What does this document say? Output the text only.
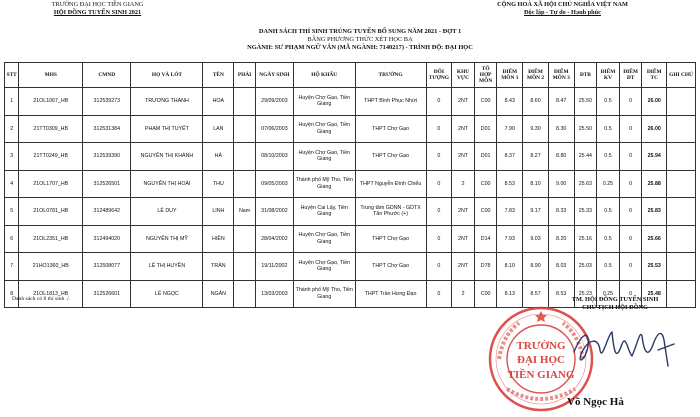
TRƯỜNG ĐẠI HỌC TIỀN GIANG
HỘI ĐỒNG TUYỂN SINH 2021
CỘNG HOÀ XÃ HỘI CHỦ NGHĨA VIỆT NAM
Độc lập - Tự do - Hạnh phúc
DANH SÁCH THÍ SINH TRÚNG TUYỂN BỔ SUNG NĂM 2021 - ĐỢT 1
BẰNG PHƯƠNG THỨC XÉT HỌC BẠ
NGÀNH: SƯ PHẠM NGỮ VĂN (MÃ NGÀNH: 7140217) - TRÌNH ĐỘ: ĐẠI HỌC
STT	MHS	CMND	HỌ VÀ LÓT	TÊN	PHÁI	NGÀY SINH	HỘ KHẨU	TRƯỜNG	ĐỐI TƯỢNG	KHU VỰC	TỔ HỢP MÔN	ĐIỂM MÔN 1	ĐIỂM MÔN 2	ĐIỂM MÔN 3	ĐTB	ĐIỂM KV	ĐIỂM ĐT	ĐIỂM TC	GHI CHÚ
1	21OL1067_HB	312539273	TRƯƠNG THANH	HOA		29/09/2003	Huyện Chợ Gạo, Tiền Giang	THPT Bình Phục Nhứt	0	2NT	C00	8.43	8.60	8.47	25.50	0.5	0	26.00	
2	21TT0309_HB	312531384	PHẠM THỊ TUYẾT	LAN		07/06/2003	Huyện Chợ Gạo, Tiền Giang	THPT Chợ Gạo	0	2NT	D01	7.90	9.30	8.30	25.50	0.5	0	26.00	
3	21TT0249_HB	312539390	NGUYỄN THỊ KHÁNH	HÀ		08/10/2003	Huyện Chợ Gạo, Tiền Giang	THPT Chợ Gạo	0	2NT	D01	8.37	8.27	8.80	25.44	0.5	0	25.94	
4	21OL1707_HB	312526501	NGUYỄN THỊ HOÀI	THU		09/05/2003	Thành phố Mỹ Tho, Tiền Giang	THPT Nguyễn Đình Chiểu	0	2	C00	8.53	8.10	9.00	25.63	0.25	0	25.88	
5	21OL0781_HB	312489642	LÊ DUY	LINH	Nam	31/08/2002	Huyện Cai Lậy, Tiền Giang	Trung tâm GDNN - GDTX Tân Phước (+)	0	2NT	C00	7.83	9.17	8.33	25.33	0.5	0	25.83	
6	21OL2351_HB	312494020	NGUYỄN THỊ MỸ	HIỀN		28/04/2002	Huyện Chợ Gạo, Tiền Giang	THPT Chợ Gạo	0	2NT	D14	7.93	9.03	8.20	25.16	0.5	0	25.66	
7	21HO1360_HB	312508077	LÊ THỊ HUYỀN	TRÂN		19/11/2002	Huyện Chợ Gạo, Tiền Giang	THPT Chợ Gạo	0	2NT	D78	8.10	8.90	8.03	25.03	0.5	0	25.53	
8	21OL1813_HB	312526601	LÊ NGỌC	NGÂN		13/03/2003	Thành phố Mỹ Tho, Tiền Giang	THPT Trần Hưng Đạo	0	2	C00	8.13	8.57	8.53	25.23	0.25	0	25.48	
Danh sách có 8 thí sinh ./.	TM. HỘI ĐỒNG TUYỂN SINH
CHỦ TỊCH HỘI ĐỒNG
TRƯỜNG
ĐẠI HỌC
TIỀN GIANG
Võ Ngọc Hà
